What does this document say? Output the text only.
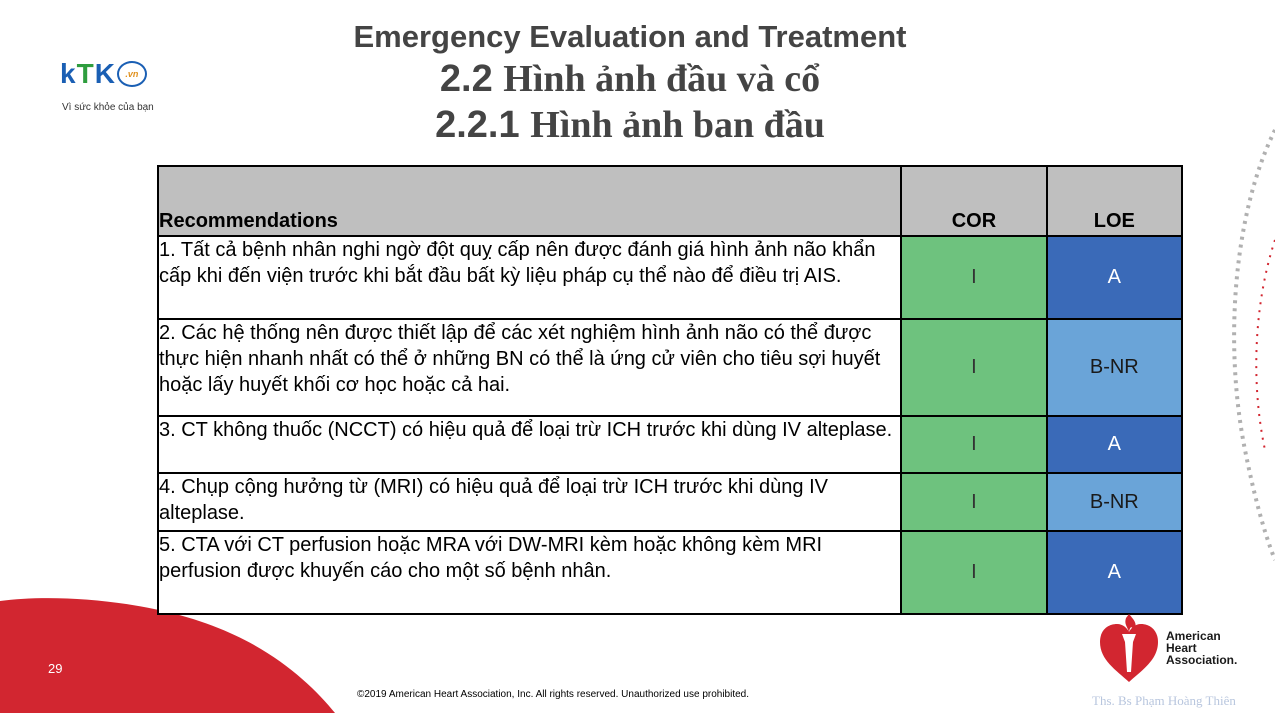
kTK	.vn
Vì sức khỏe của bạn
Emergency Evaluation and Treatment
2.2 Hình ảnh đầu và cổ
2.2.1 Hình ảnh ban đầu
Recommendations	COR	LOE
1. Tất cả bệnh nhân nghi ngờ đột quỵ cấp nên được đánh giá hình ảnh não khẩn cấp khi đến viện trước khi bắt đầu bất kỳ liệu pháp cụ thể nào để điều trị AIS.	I	A
2. Các hệ thống nên được thiết lập để các xét nghiệm hình ảnh não có thể được thực hiện nhanh nhất có thể ở những BN có thể là ứng cử viên cho tiêu sợi huyết hoặc lấy huyết khối cơ học hoặc cả hai.	I	B-NR
3. CT không thuốc (NCCT) có hiệu quả để loại trừ ICH trước khi dùng IV alteplase.	I	A
4. Chụp cộng hưởng từ (MRI) có hiệu quả để loại trừ ICH trước khi dùng IV alteplase.	I	B-NR
5. CTA với CT perfusion hoặc MRA với DW-MRI kèm hoặc không kèm MRI perfusion được khuyến cáo cho một số bệnh nhân.	I	A
29
©2019 American Heart Association, Inc. All rights reserved. Unauthorized use prohibited.
American
Heart
Association.
Ths. Bs Phạm Hoàng Thiên
